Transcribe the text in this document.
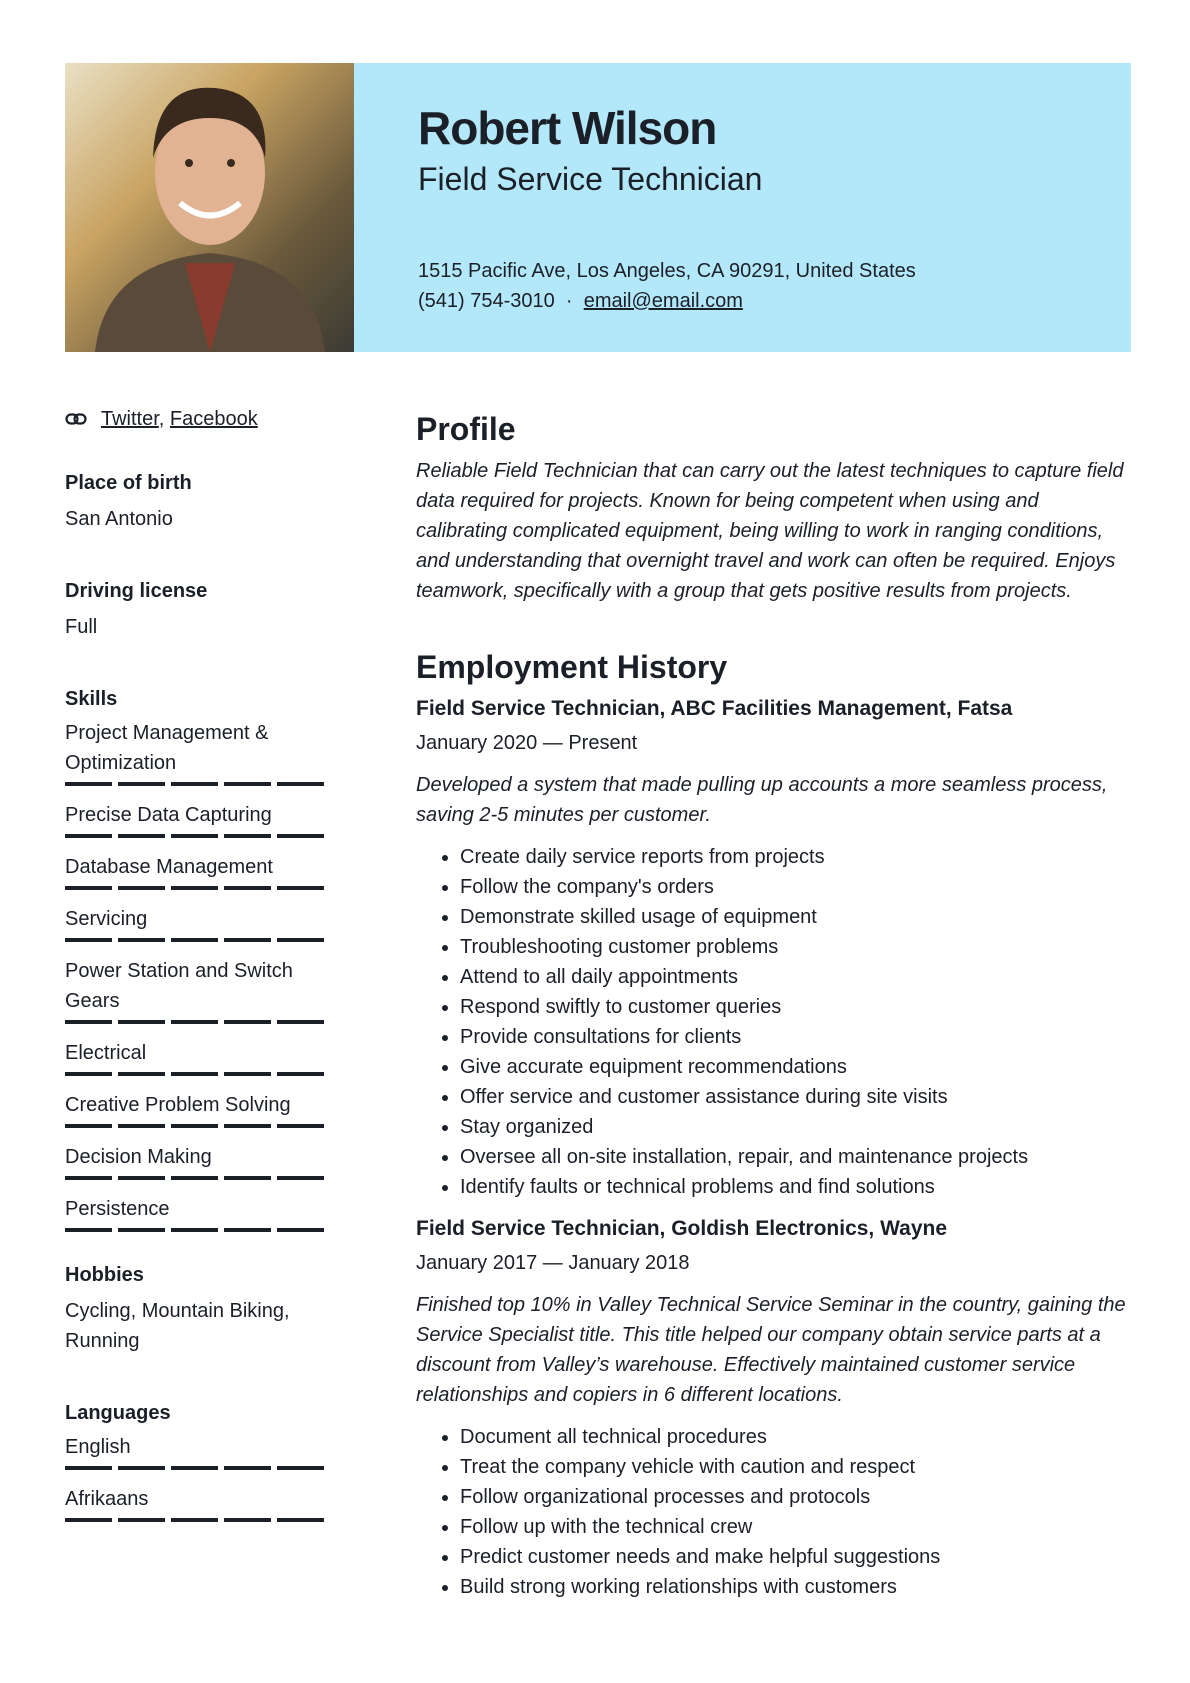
Robert Wilson
Field Service Technician
1515 Pacific Ave, Los Angeles, CA 90291, United States
(541) 754-3010 · email@email.com
Twitter, Facebook
Place of birth
San Antonio
Driving license
Full
Skills
Project Management & Optimization
Precise Data Capturing
Database Management
Servicing
Power Station and Switch Gears
Electrical
Creative Problem Solving
Decision Making
Persistence
Hobbies
Cycling, Mountain Biking, Running
Languages
English
Afrikaans
Profile
Reliable Field Technician that can carry out the latest techniques to capture field data required for projects. Known for being competent when using and calibrating complicated equipment, being willing to work in ranging conditions, and understanding that overnight travel and work can often be required. Enjoys teamwork, specifically with a group that gets positive results from projects.
Employment History
Field Service Technician, ABC Facilities Management, Fatsa
January 2020 — Present
Developed a system that made pulling up accounts a more seamless process, saving 2-5 minutes per customer.
• Create daily service reports from projects
• Follow the company's orders
• Demonstrate skilled usage of equipment
• Troubleshooting customer problems
• Attend to all daily appointments
• Respond swiftly to customer queries
• Provide consultations for clients
• Give accurate equipment recommendations
• Offer service and customer assistance during site visits
• Stay organized
• Oversee all on-site installation, repair, and maintenance projects
• Identify faults or technical problems and find solutions
Field Service Technician, Goldish Electronics, Wayne
January 2017 — January 2018
Finished top 10% in Valley Technical Service Seminar in the country, gaining the Service Specialist title. This title helped our company obtain service parts at a discount from Valley’s warehouse. Effectively maintained customer service relationships and copiers in 6 different locations.
• Document all technical procedures
• Treat the company vehicle with caution and respect
• Follow organizational processes and protocols
• Follow up with the technical crew
• Predict customer needs and make helpful suggestions
• Build strong working relationships with customers
